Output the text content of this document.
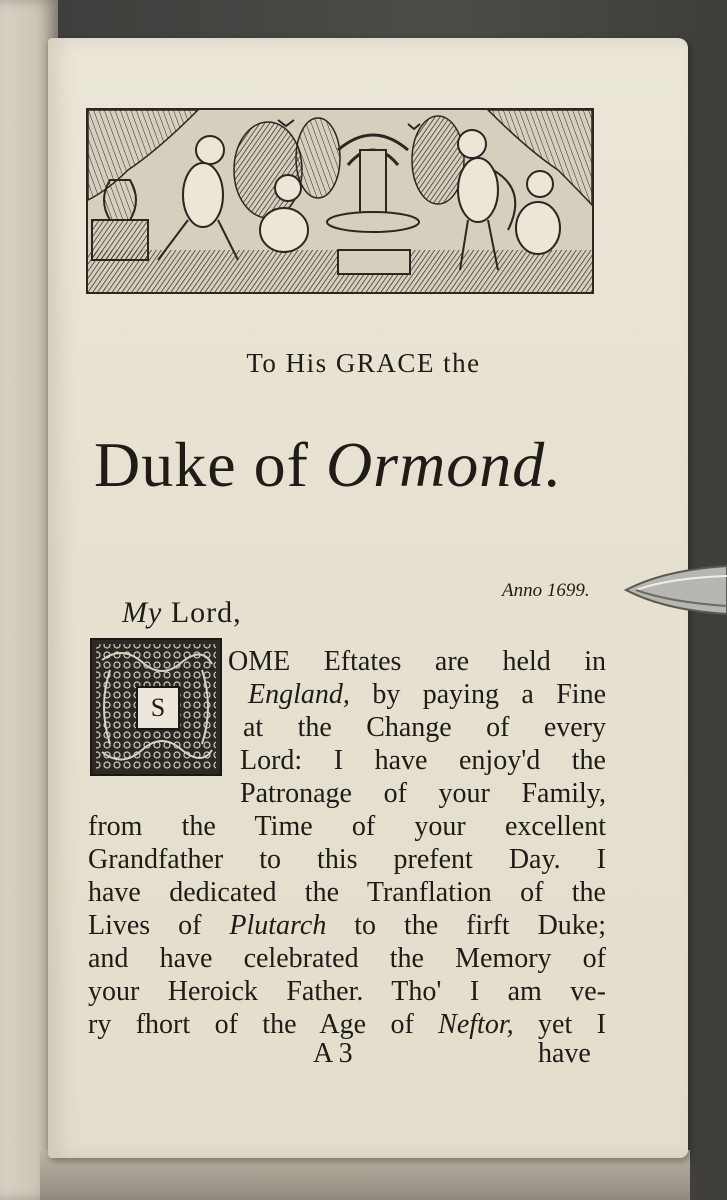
To His GRACE the
Duke of Ormond.
Anno 1699.
My Lord,
S
OME Eftates are held in
England, by paying a Fine
at the Change of every
Lord: I have enjoy'd the
Patronage of your Family,
from the Time of your excellent
Grandfather to this prefent Day. I
have dedicated the Tranflation of the
Lives of Plutarch to the firft Duke;
and have celebrated the Memory of
your Heroick Father. Tho' I am ve-
ry fhort of the Age of Neftor, yet I
A 3	have
